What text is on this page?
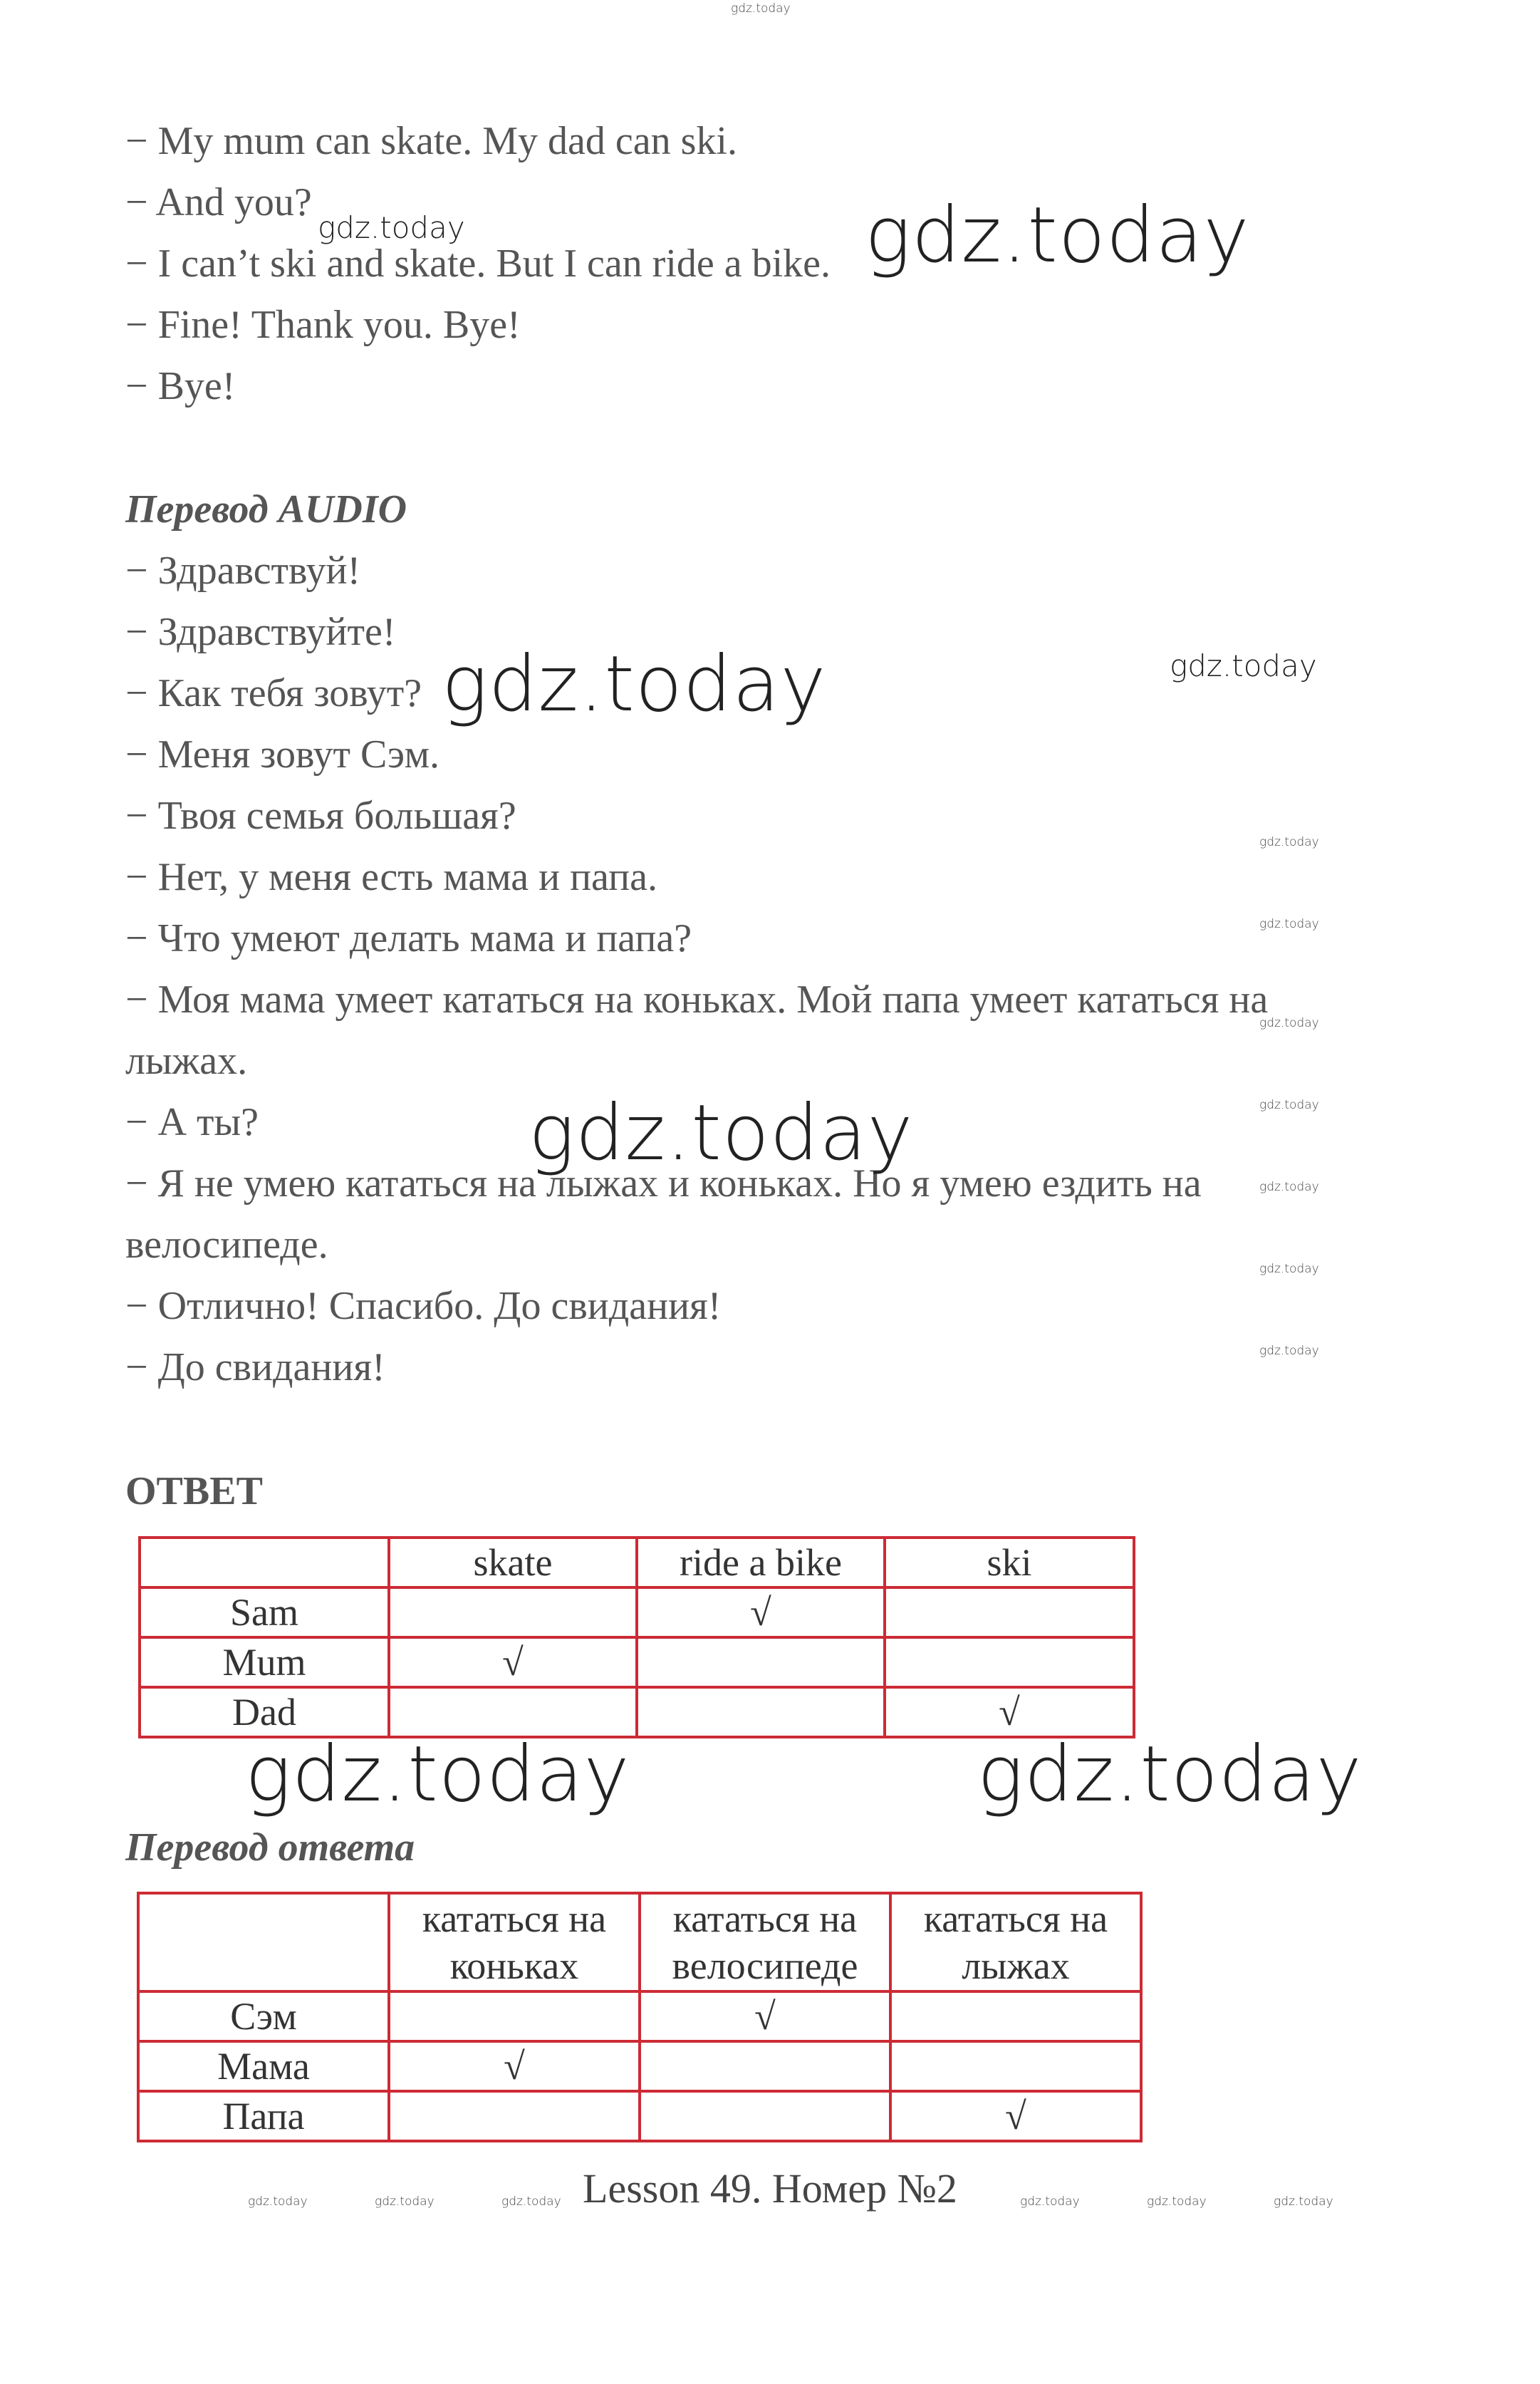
gdz.today
− My mum can skate. My dad can ski.
− And you?
− I can’t ski and skate. But I can ride a bike.
− Fine! Thank you. Bye!
− Bye!
Перевод AUDIO
− Здравствуй!
− Здравствуйте!
− Как тебя зовут?
− Меня зовут Сэм.
− Твоя семья большая?
− Нет, у меня есть мама и папа.
− Что умеют делать мама и папа?
− Моя мама умеет кататься на коньках. Мой папа умеет кататься на
лыжах.
− А ты?
− Я не умею кататься на лыжах и коньках. Но я умею ездить на
велосипеде.
− Отлично! Спасибо. До свидания!
− До свидания!
ОТВЕТ
	skate	ride a bike	ski
Sam		√	
Mum	√		
Dad			√
Перевод ответа
	кататься на коньках	кататься на велосипеде	кататься на лыжах
Сэм		√	
Мама	√		
Папа			√
Lesson 49. Номер №2
gdz.today	gdz.today
gdz.today	gdz.today
gdz.today
gdz.today	gdz.today
gdz.today
gdz.today
gdz.today
gdz.today
gdz.today
gdz.today
gdz.today
gdz.today	gdz.today	gdz.today	gdz.today	gdz.today	gdz.today
